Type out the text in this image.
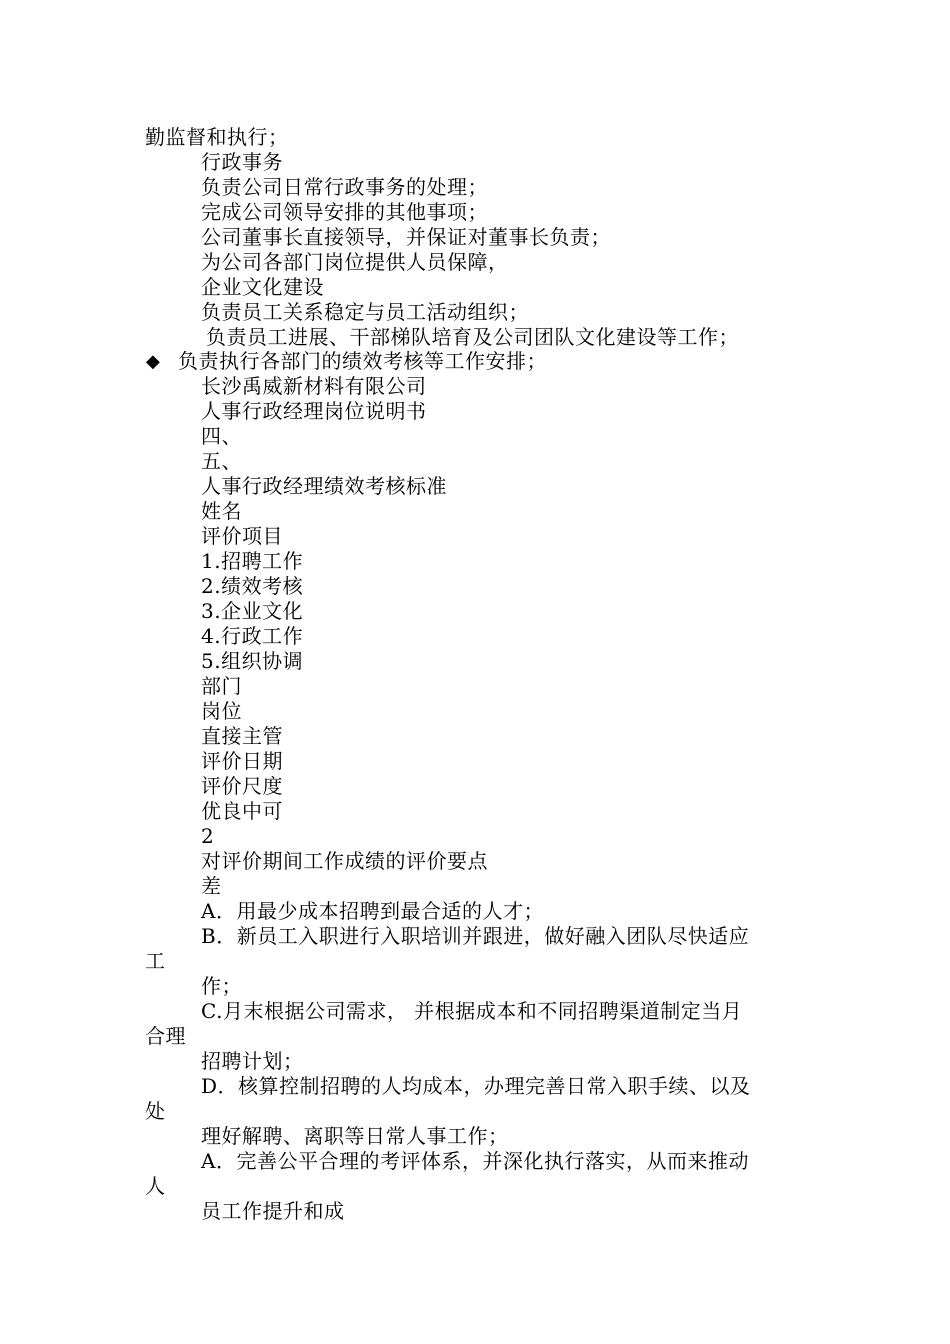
勤监督和执行；
行政事务
负责公司日常行政事务的处理；
完成公司领导安排的其他事项；
公司董事长直接领导，并保证对董事长负责；
为公司各部门岗位提供人员保障，
企业文化建设
负责员工关系稳定与员工活动组织；
负责员工进展、干部梯队培育及公司团队文化建设等工作；
◆ 负责执行各部门的绩效考核等工作安排；
长沙禹威新材料有限公司
人事行政经理岗位说明书
四、
五、
人事行政经理绩效考核标准
姓名
评价项目
1.招聘工作
2.绩效考核
3.企业文化
4.行政工作
5.组织协调
部门
岗位
直接主管
评价日期
评价尺度
优良中可
2
对评价期间工作成绩的评价要点
差
A．用最少成本招聘到最合适的人才；
B．新员工入职进行入职培训并跟进，做好融入团队尽快适应
工
作；
C.月末根据公司需求， 并根据成本和不同招聘渠道制定当月
合理
招聘计划；
D．核算控制招聘的人均成本，办理完善日常入职手续、以及
处
理好解聘、离职等日常人事工作；
A．完善公平合理的考评体系，并深化执行落实，从而来推动
人
员工作提升和成
